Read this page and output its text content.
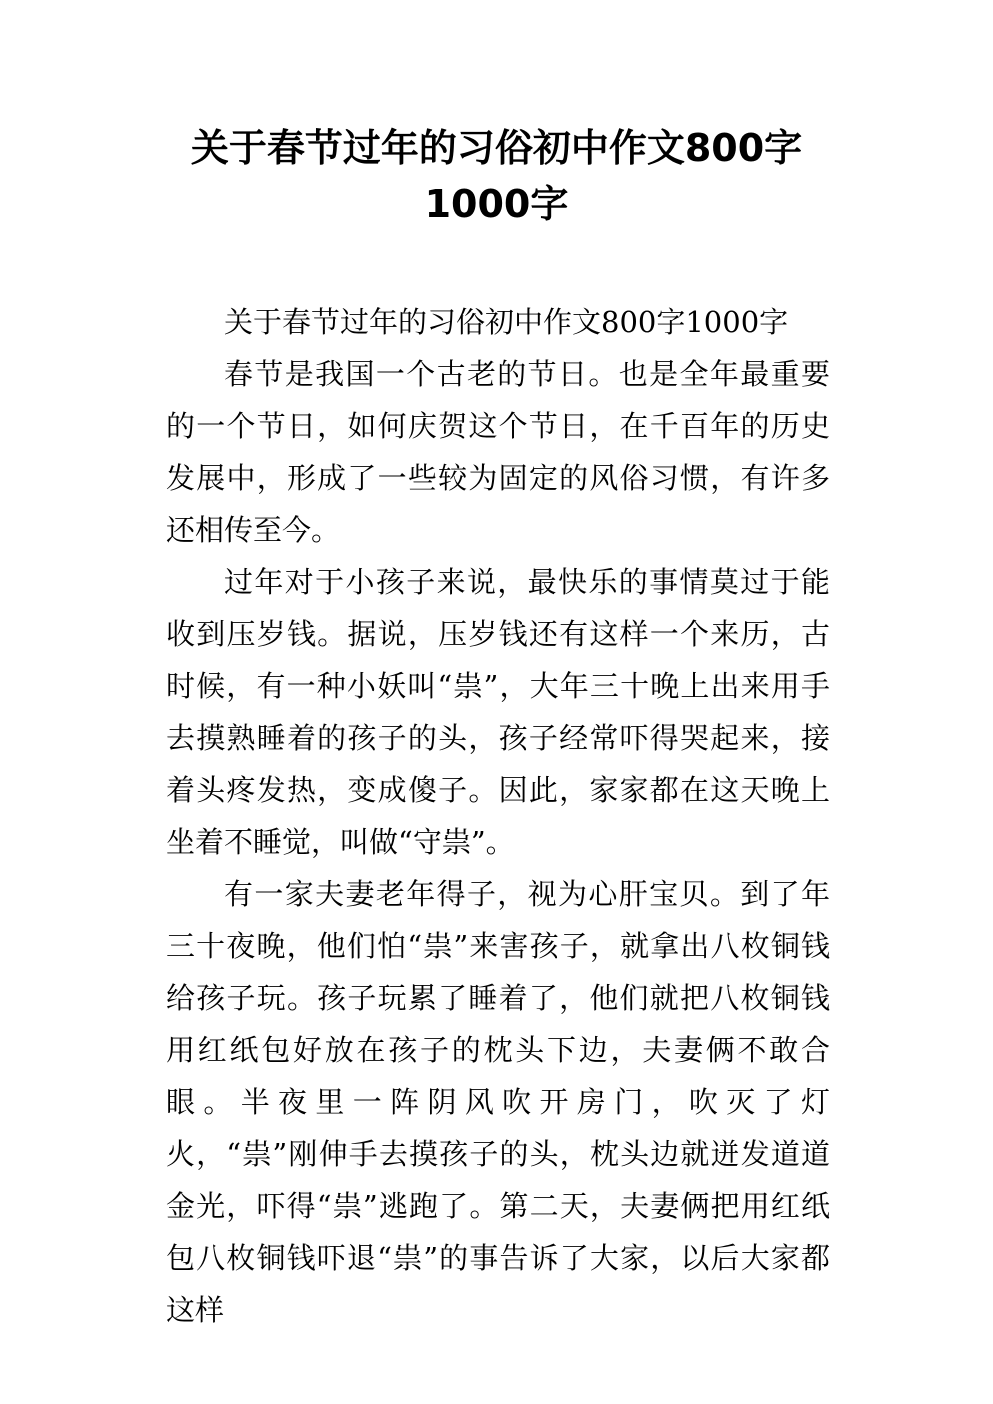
关于春节过年的习俗初中作文800字
1000字

关于春节过年的习俗初中作文800字1000字

春节是我国一个古老的节日。也是全年最重要的一个节日，如何庆贺这个节日，在千百年的历史发展中，形成了一些较为固定的风俗习惯，有许多还相传至今。

过年对于小孩子来说，最快乐的事情莫过于能收到压岁钱。据说，压岁钱还有这样一个来历，古时候，有一种小妖叫“祟”，大年三十晚上出来用手去摸熟睡着的孩子的头，孩子经常吓得哭起来，接着头疼发热，变成傻子。因此，家家都在这天晚上坐着不睡觉，叫做“守祟”。

有一家夫妻老年得子，视为心肝宝贝。到了年三十夜晚，他们怕“祟”来害孩子，就拿出八枚铜钱给孩子玩。孩子玩累了睡着了，他们就把八枚铜钱用红纸包好放在孩子的枕头下边，夫妻俩不敢合眼。半夜里一阵阴风吹开房门，吹灭了灯火，“祟”刚伸手去摸孩子的头，枕头边就迸发道道金光，吓得“祟”逃跑了。第二天，夫妻俩把用红纸包八枚铜钱吓退“祟”的事告诉了大家，以后大家都这样
